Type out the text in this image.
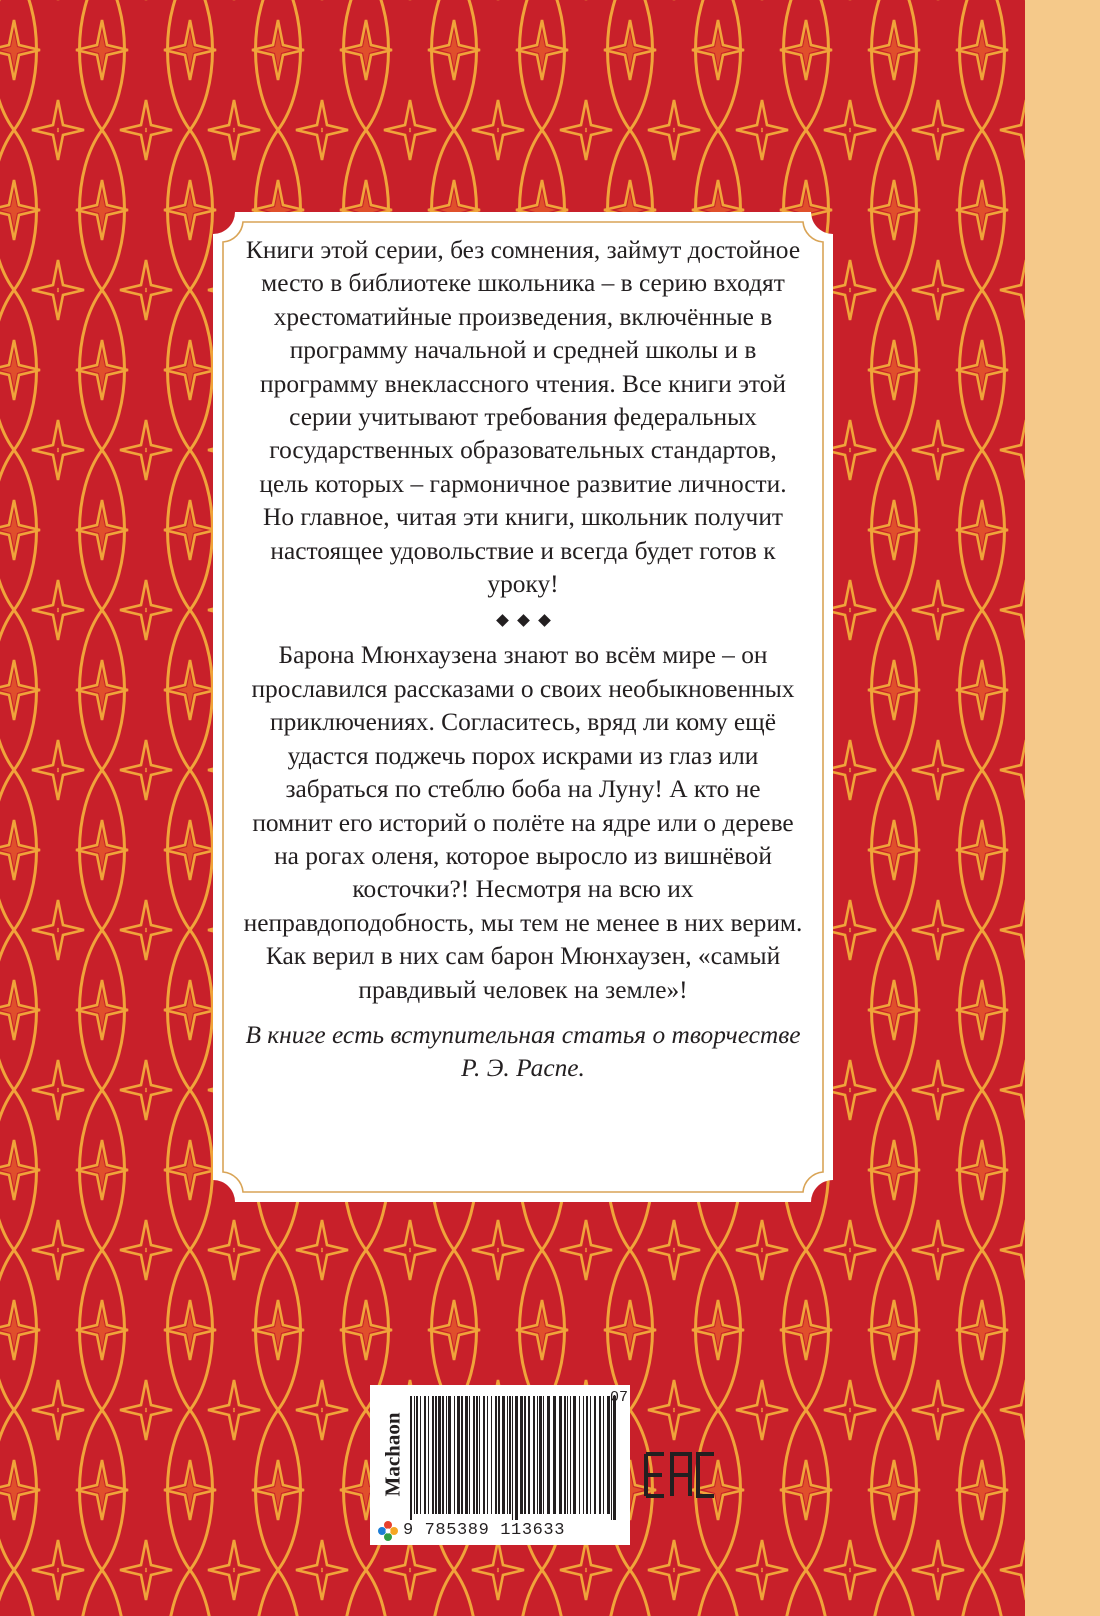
Книги этой серии, без сомнения, займут достойное место в библиотеке школьника – в серию входят хрестоматийные произведения, включённые в программу начальной и средней школы и в программу внеклассного чтения. Все книги этой серии учитывают требования федеральных государственных образовательных стандартов, цель которых – гармоничное развитие личности. Но главное, читая эти книги, школьник получит настоящее удовольствие и всегда будет готов к уроку!

Барона Мюнхаузена знают во всём мире – он прославился рассказами о своих необыкновенных приключениях. Согласитесь, вряд ли кому ещё удастся поджечь порох искрами из глаз или забраться по стеблю боба на Луну! А кто не помнит его историй о полёте на ядре или о дереве на рогах оленя, которое выросло из вишнёвой косточки?! Несмотря на всю их неправдоподобность, мы тем не менее в них верим. Как верил в них сам барон Мюнхаузен, «самый правдивый человек на земле»!

В книге есть вступительная статья о творчестве Р. Э. Распе.

Machaon
9 785389 113633
07
